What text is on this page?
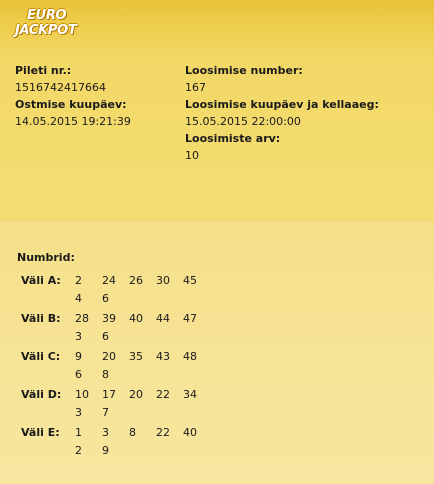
EURO
JACKPOT
Pileti nr.:
1516742417664
Ostmise kuupäev:
14.05.2015 19:21:39
Loosimise number:
167
Loosimise kuupäev ja kellaaeg:
15.05.2015 22:00:00
Loosimiste arv:
10
Numbrid:
Väli A:	2 24 26 30 45
4 6
Väli B:	28 39 40 44 47
3 6
Väli C:	9 20 35 43 48
6 8
Väli D:	10 17 20 22 34
3 7
Väli E:	1 3 8 22 40
2 9
